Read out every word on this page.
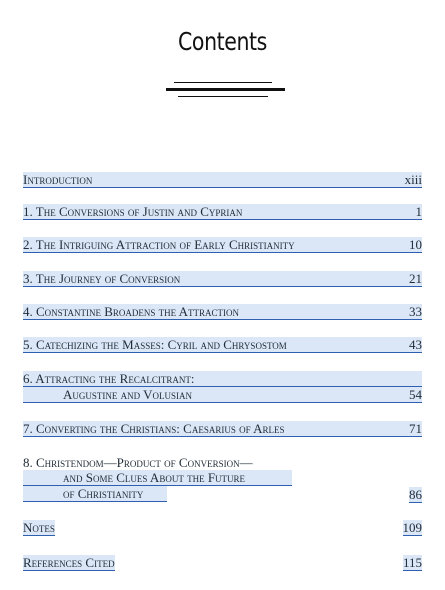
Contents
Introduction	xiii
1. The Conversions of Justin and Cyprian	1
2. The Intriguing Attraction of Early Christianity	10
3. The Journey of Conversion	21
4. Constantine Broadens the Attraction	33
5. Catechizing the Masses: Cyril and Chrysostom	43
6. Attracting the Recalcitrant:
Augustine and Volusian	54
7. Converting the Christians: Caesarius of Arles	71
8. Christendom—Product of Conversion—
and Some Clues About the Future
of Christianity	86
Notes	109
References Cited	115
